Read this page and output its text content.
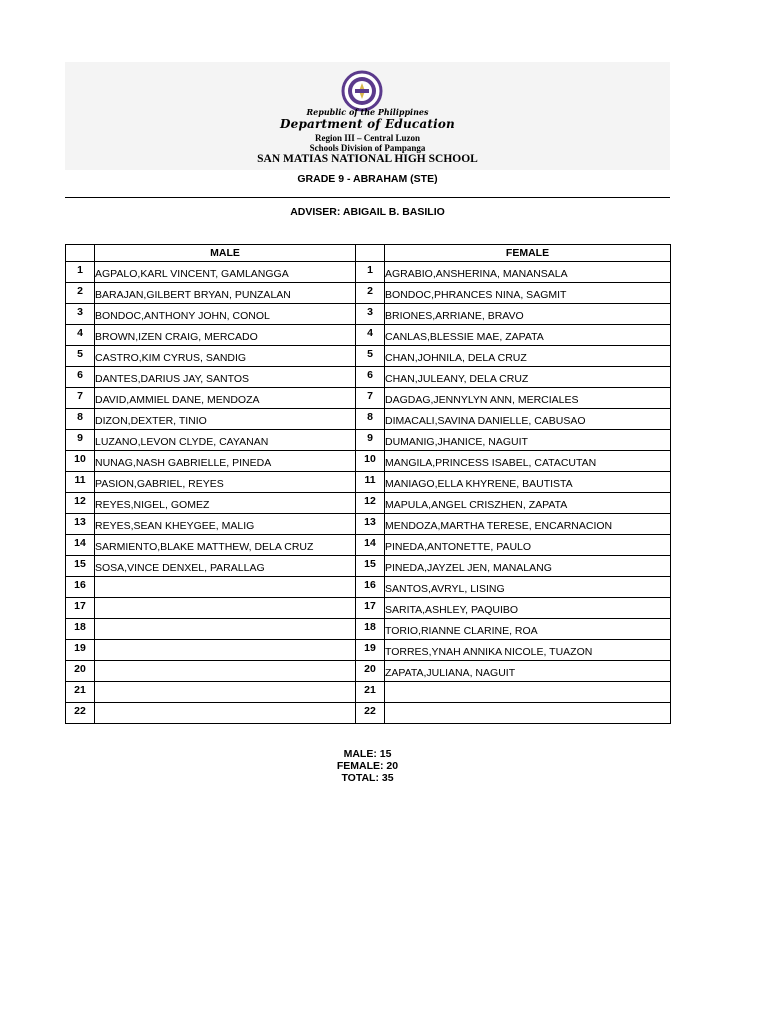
Republic of the Philippines
Department of Education
Region III – Central Luzon
Schools Division of Pampanga
SAN MATIAS NATIONAL HIGH SCHOOL
GRADE 9 - ABRAHAM (STE)
ADVISER: ABIGAIL B. BASILIO
	MALE		FEMALE
1	AGPALO,KARL VINCENT, GAMLANGGA	1	AGRABIO,ANSHERINA, MANANSALA
2	BARAJAN,GILBERT BRYAN, PUNZALAN	2	BONDOC,PHRANCES NINA, SAGMIT
3	BONDOC,ANTHONY JOHN, CONOL	3	BRIONES,ARRIANE, BRAVO
4	BROWN,IZEN CRAIG, MERCADO	4	CANLAS,BLESSIE MAE, ZAPATA
5	CASTRO,KIM CYRUS, SANDIG	5	CHAN,JOHNILA, DELA CRUZ
6	DANTES,DARIUS JAY, SANTOS	6	CHAN,JULEANY, DELA CRUZ
7	DAVID,AMMIEL DANE, MENDOZA	7	DAGDAG,JENNYLYN ANN, MERCIALES
8	DIZON,DEXTER, TINIO	8	DIMACALI,SAVINA DANIELLE, CABUSAO
9	LUZANO,LEVON CLYDE, CAYANAN	9	DUMANIG,JHANICE, NAGUIT
10	NUNAG,NASH GABRIELLE, PINEDA	10	MANGILA,PRINCESS ISABEL, CATACUTAN
11	PASION,GABRIEL, REYES	11	MANIAGO,ELLA KHYRENE, BAUTISTA
12	REYES,NIGEL, GOMEZ	12	MAPULA,ANGEL CRISZHEN, ZAPATA
13	REYES,SEAN KHEYGEE, MALIG	13	MENDOZA,MARTHA TERESE, ENCARNACION
14	SARMIENTO,BLAKE MATTHEW, DELA CRUZ	14	PINEDA,ANTONETTE, PAULO
15	SOSA,VINCE DENXEL, PARALLAG	15	PINEDA,JAYZEL JEN, MANALANG
16		16	SANTOS,AVRYL, LISING
17		17	SARITA,ASHLEY, PAQUIBO
18		18	TORIO,RIANNE CLARINE, ROA
19		19	TORRES,YNAH ANNIKA NICOLE, TUAZON
20		20	ZAPATA,JULIANA, NAGUIT
21		21	
22		22	
MALE: 15
FEMALE: 20
TOTAL: 35
